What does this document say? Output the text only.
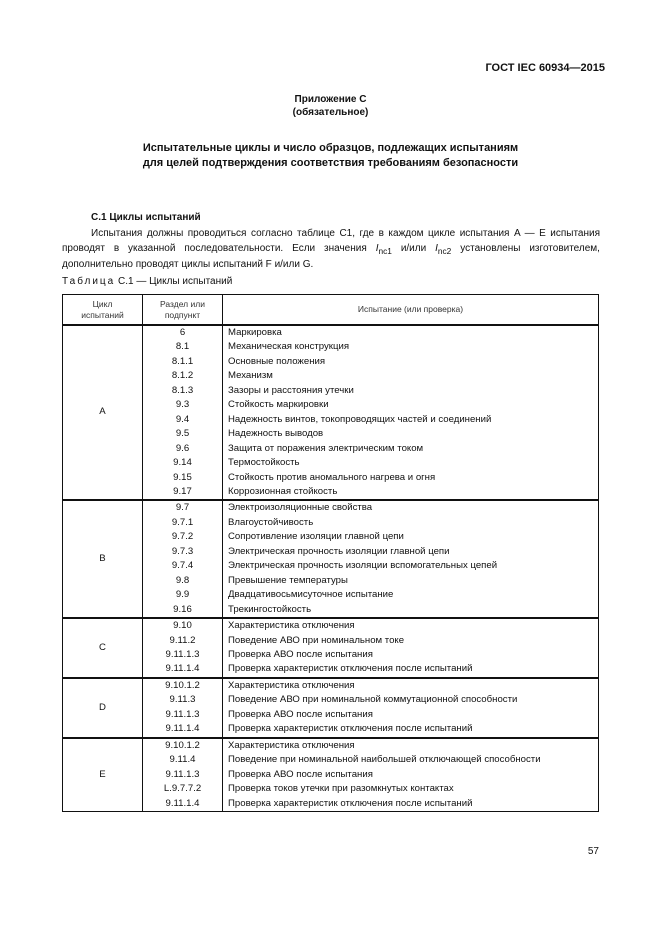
ГОСТ IEC 60934—2015
Приложение C
(обязательное)
Испытательные циклы и число образцов, подлежащих испытаниям
для целей подтверждения соответствия требованиям безопасности
C.1 Циклы испытаний
Испытания должны проводиться согласно таблице C1, где в каждом цикле испытания A — E испытания проводят в указанной последовательности. Если значения $I_{nc1}$ и/или $I_{nc2}$ установлены изготовителем, дополнительно проводят циклы испытаний F и/или G.
Таблица C.1 — Циклы испытаний
Цикл испытаний	Раздел или подпункт	Испытание (или проверка)
A	6	Маркировка
	8.1	Механическая конструкция
	8.1.1	Основные положения
	8.1.2	Механизм
	8.1.3	Зазоры и расстояния утечки
	9.3	Стойкость маркировки
	9.4	Надежность винтов, токопроводящих частей и соединений
	9.5	Надежность выводов
	9.6	Защита от поражения электрическим током
	9.14	Термостойкость
	9.15	Стойкость против аномального нагрева и огня
	9.17	Коррозионная стойкость
B	9.7	Электроизоляционные свойства
	9.7.1	Влагоустойчивость
	9.7.2	Сопротивление изоляции главной цепи
	9.7.3	Электрическая прочность изоляции главной цепи
	9.7.4	Электрическая прочность изоляции вспомогательных цепей
	9.8	Превышение температуры
	9.9	Двадцативосьмисуточное испытание
	9.16	Трекингостойкость
C	9.10	Характеристика отключения
	9.11.2	Поведение АВО при номинальном токе
	9.11.1.3	Проверка АВО после испытания
	9.11.1.4	Проверка характеристик отключения после испытаний
D	9.10.1.2	Характеристика отключения
	9.11.3	Поведение АВО при номинальной коммутационной способности
	9.11.1.3	Проверка АВО после испытания
	9.11.1.4	Проверка характеристик отключения после испытаний
E	9.10.1.2	Характеристика отключения
	9.11.4	Поведение при номинальной наибольшей отключающей способности
	9.11.1.3	Проверка АВО после испытания
	L.9.7.7.2	Проверка токов утечки при разомкнутых контактах
	9.11.1.4	Проверка характеристик отключения после испытаний
57
